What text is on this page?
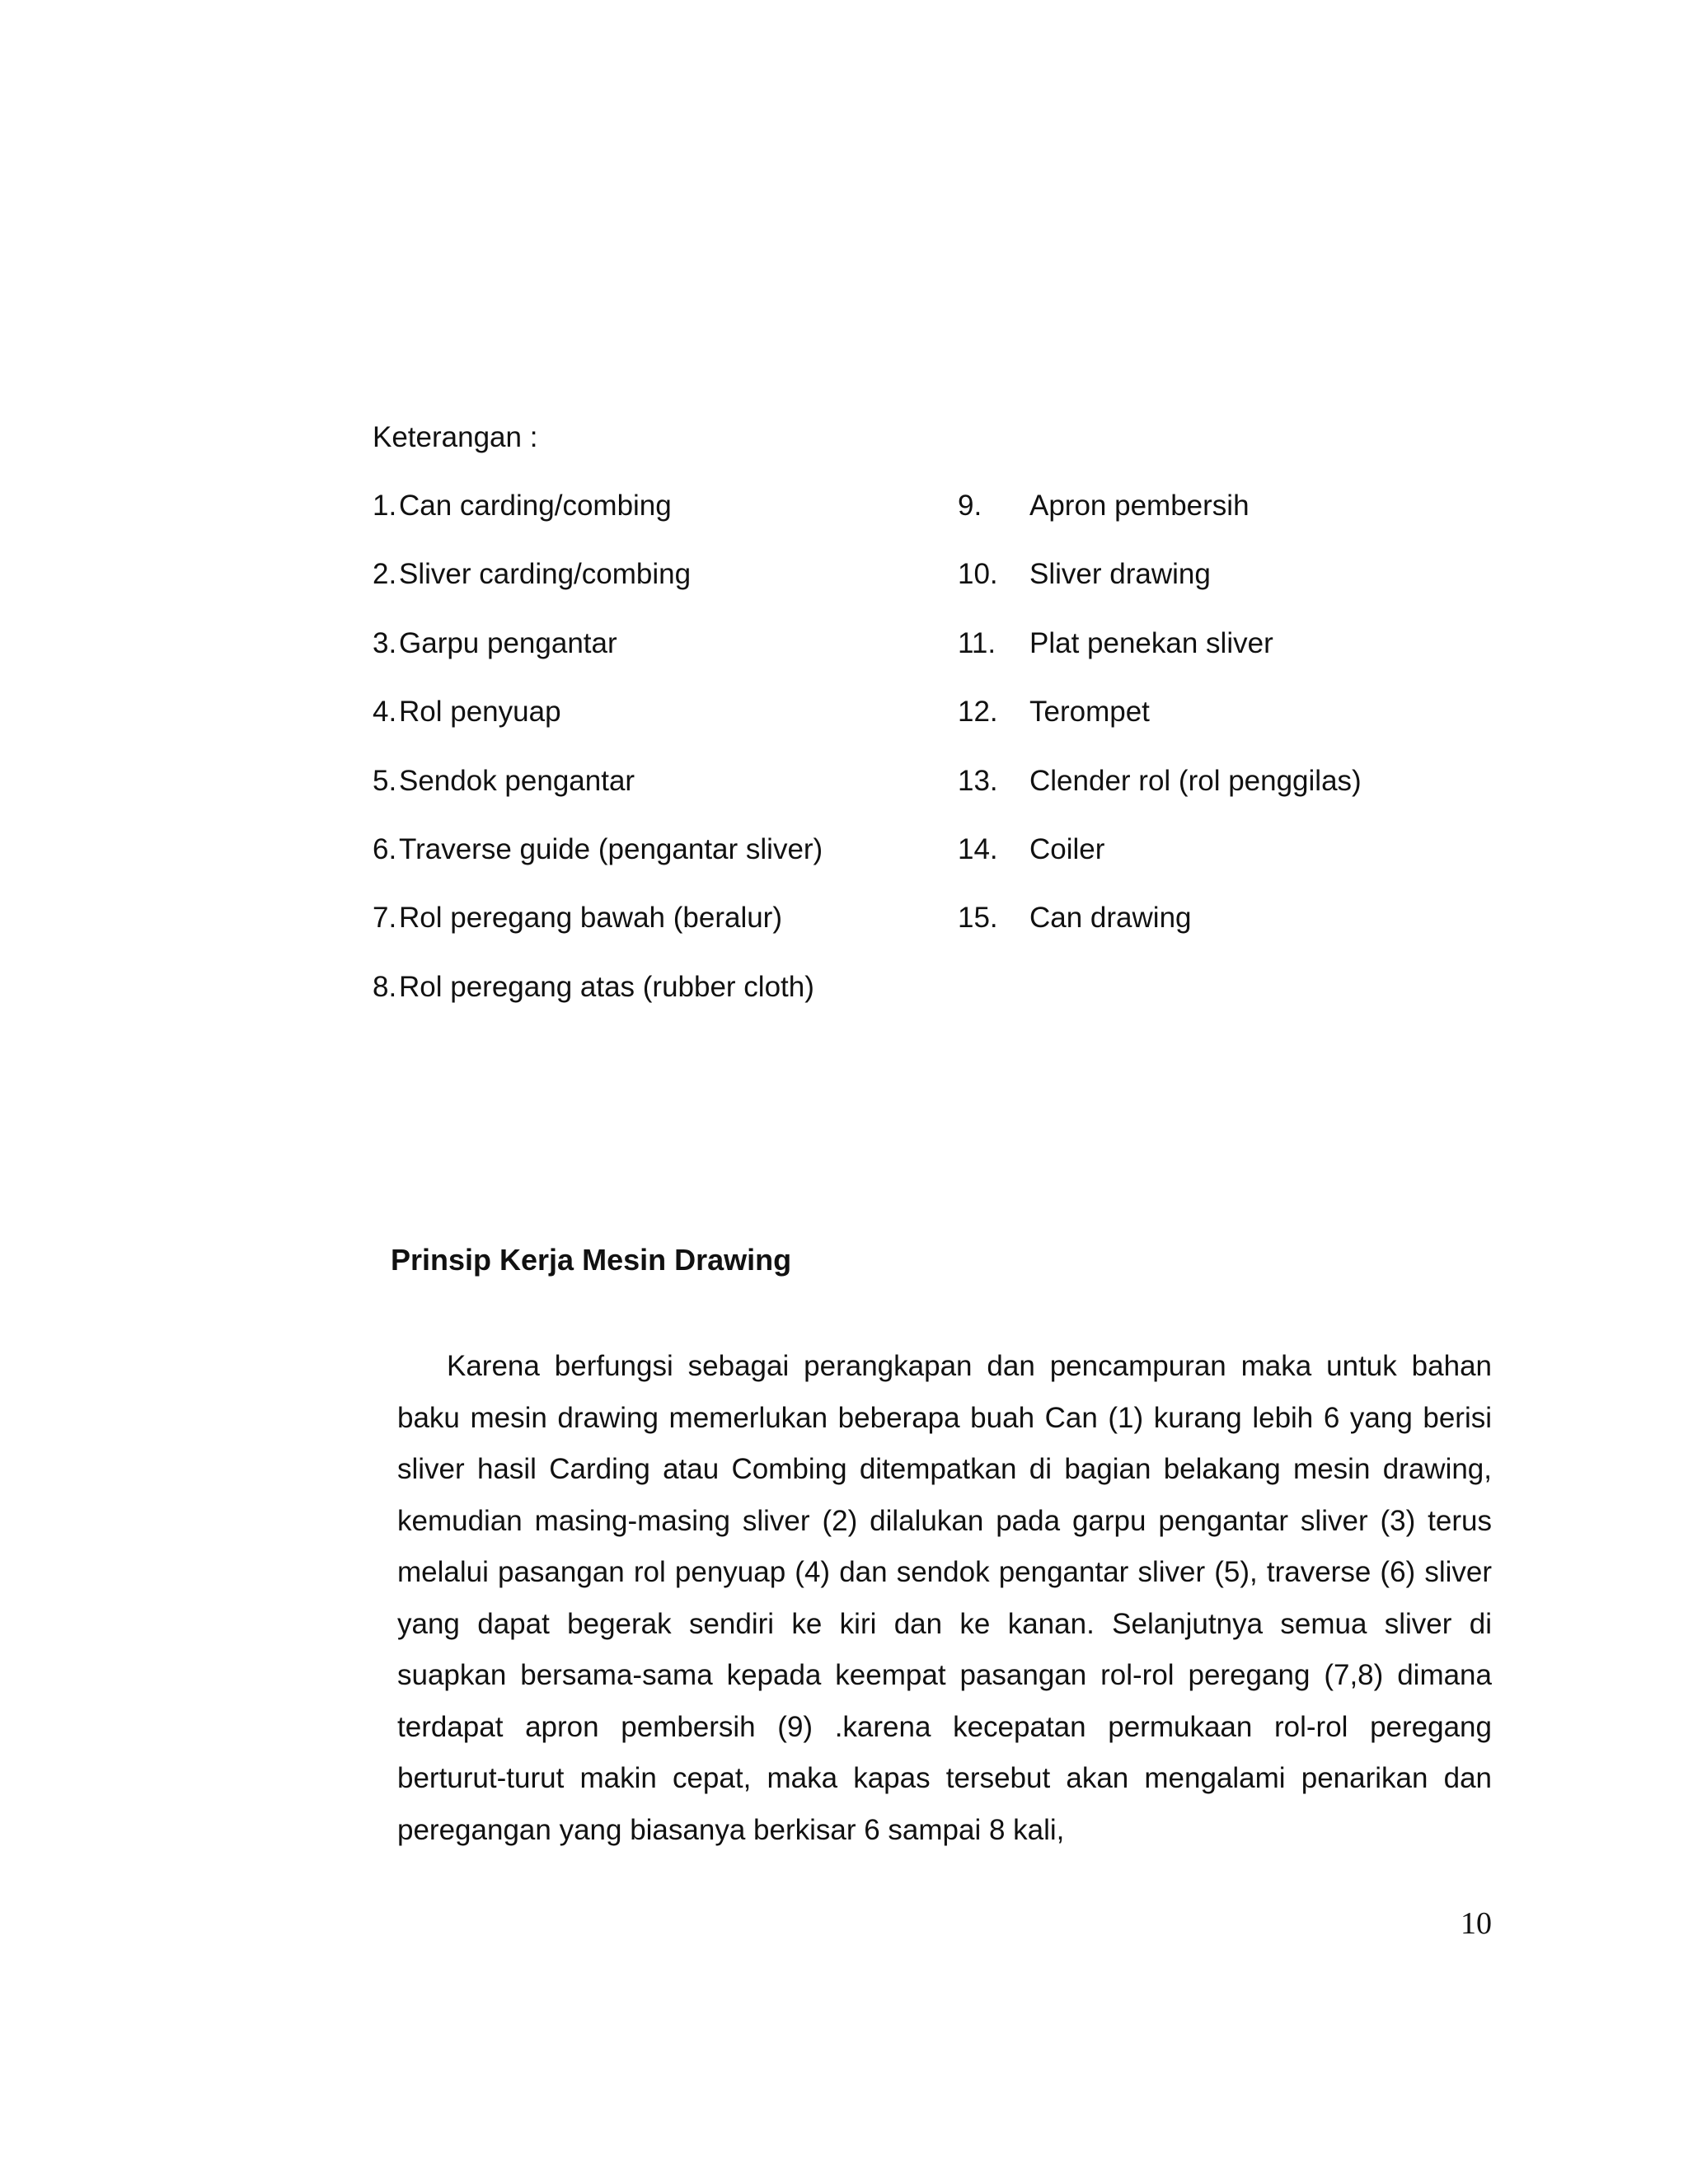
Keterangan :
1. Can carding/combing
2. Sliver carding/combing
3. Garpu pengantar
4. Rol penyuap
5. Sendok pengantar
6. Traverse guide (pengantar sliver)
7. Rol peregang bawah (beralur)
8. Rol peregang atas (rubber cloth)
9.	Apron pembersih
10.	Sliver drawing
11.	Plat penekan sliver
12.	Terompet
13.	Clender rol (rol penggilas)
14.	Coiler
15.	Can drawing
Prinsip Kerja Mesin Drawing

Karena berfungsi sebagai perangkapan dan pencampuran maka untuk bahan baku mesin drawing memerlukan beberapa buah Can (1) kurang lebih 6 yang berisi sliver hasil Carding atau Combing ditempatkan di bagian belakang mesin drawing, kemudian masing-masing sliver (2) dilalukan pada garpu pengantar sliver (3) terus melalui pasangan rol penyuap (4) dan sendok pengantar sliver (5), traverse (6) sliver yang dapat begerak sendiri ke kiri dan ke kanan. Selanjutnya semua sliver di suapkan bersama-sama kepada keempat pasangan rol-rol peregang (7,8) dimana terdapat apron pembersih (9) .karena kecepatan permukaan rol-rol peregang berturut-turut makin cepat, maka kapas tersebut akan mengalami penarikan dan peregangan yang biasanya berkisar 6 sampai 8 kali,

10
